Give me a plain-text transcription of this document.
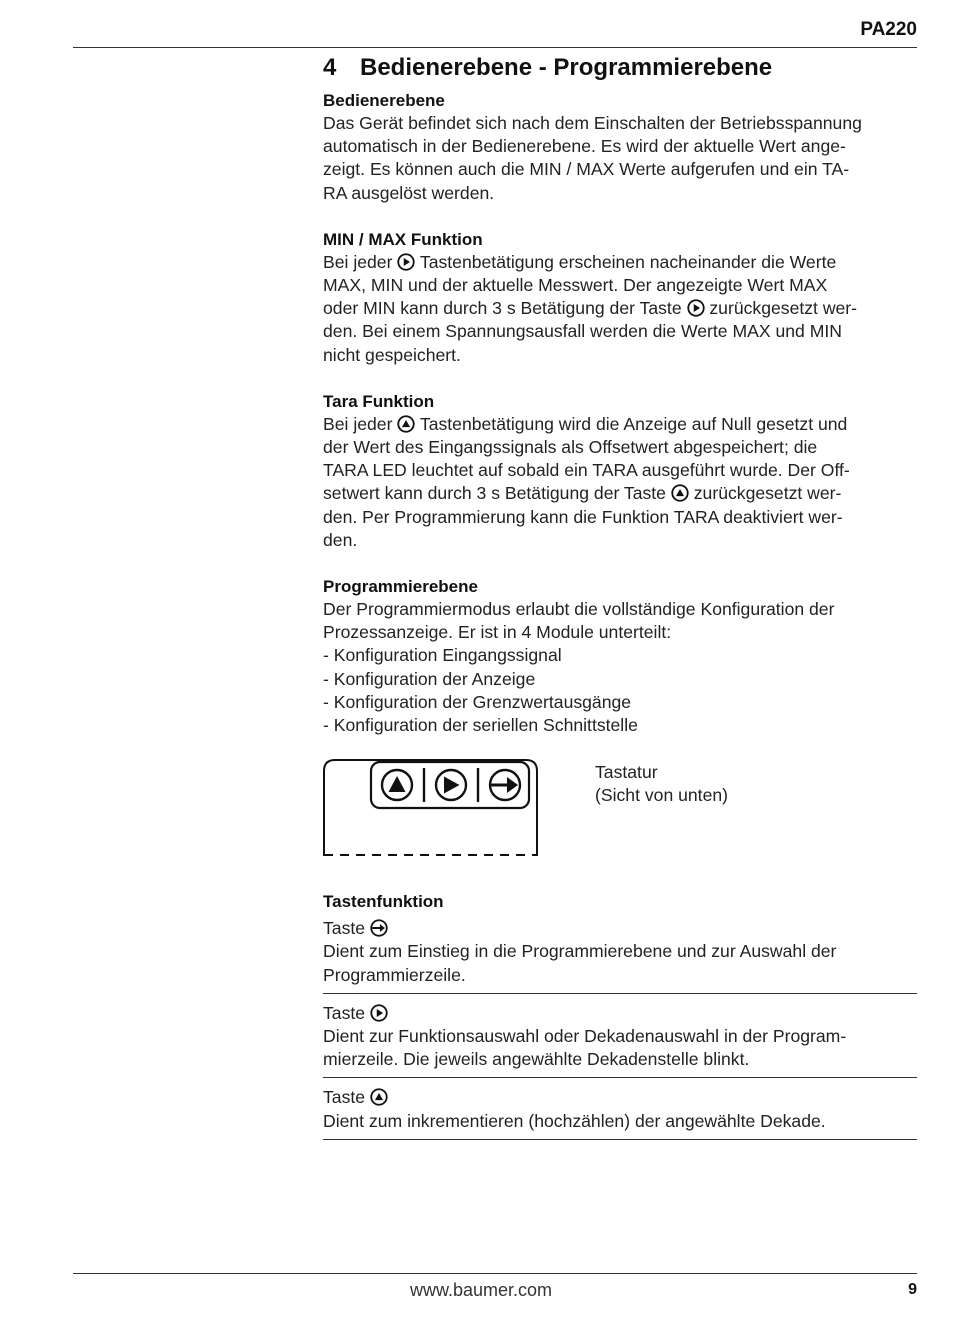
PA220
4 Bedienerebene - Programmierebene
Bedienerebene

Das Gerät befindet sich nach dem Einschalten der Betriebsspannung
automatisch in der Bedienerebene. Es wird der aktuelle Wert ange-
zeigt. Es können auch die MIN / MAX Werte aufgerufen und ein TA-
RA ausgelöst werden.

MIN / MAX Funktion

Bei jeder
Tastenbetätigung erscheinen nacheinander die Werte
MAX, MIN und der aktuelle Messwert. Der angezeigte Wert MAX
oder MIN kann durch 3 s Betätigung der Taste
zurückgesetzt wer-
den. Bei einem Spannungsausfall werden die Werte MAX und MIN
nicht gespeichert.

Tara Funktion

Bei jeder
Tastenbetätigung wird die Anzeige auf Null gesetzt und
der Wert des Eingangssignals als Offsetwert abgespeichert; die
TARA LED leuchtet auf sobald ein TARA ausgeführt wurde. Der Off-
setwert kann durch 3 s Betätigung der Taste
zurückgesetzt wer-
den. Per Programmierung kann die Funktion TARA deaktiviert wer-
den.

Programmierebene

Der Programmiermodus erlaubt die vollständige Konfiguration der
Prozessanzeige. Er ist in 4 Module unterteilt:

- Konfiguration Eingangssignal
- Konfiguration der Anzeige
- Konfiguration der Grenzwertausgänge
- Konfiguration der seriellen Schnittstelle
Tastatur
(Sicht von unten)
Tastenfunktion
Taste

Dient zum Einstieg in die Programmierebene und zur Auswahl der
Programmierzeile.
Taste

Dient zur Funktionsauswahl oder Dekadenauswahl in der Program-
mierzeile. Die jeweils angewählte Dekadenstelle blinkt.
Taste

Dient zum inkrementieren (hochzählen) der angewählte Dekade.
www.baumer.com	9
